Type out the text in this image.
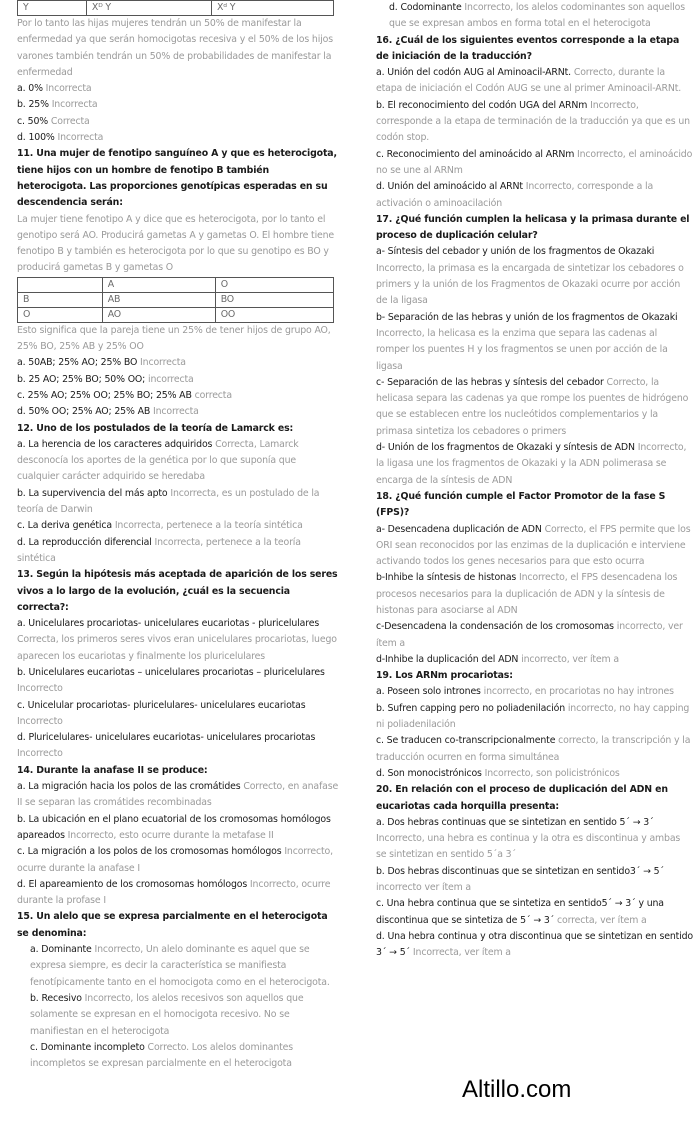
Y	Xᴰ Y	Xᵈ Y

Por lo tanto las hijas mujeres tendrán un 50% de manifestar la enfermedad ya que serán homocigotas recesiva y el 50% de los hijos varones también tendrán un 50% de probabilidades de manifestar la enfermedad

a. 0% Incorrecta

b. 25% Incorrecta

c. 50% Correcta

d. 100% Incorrecta

11. Una mujer de fenotipo sanguíneo A y que es heterocigota, tiene hijos con un hombre de fenotipo B también heterocigota. Las proporciones genotípicas esperadas en su descendencia serán:

La mujer tiene fenotipo A y dice que es heterocigota, por lo tanto el genotipo será AO. Producirá gametas A y gametas O. El hombre tiene fenotipo B y también es heterocigota por lo que su genotipo es BO y producirá gametas B y gametas O

	A	O
B	AB	BO
O	AO	OO

Esto significa que la pareja tiene un 25% de tener hijos de grupo AO, 25% BO, 25% AB y 25% OO

a. 50AB; 25% AO; 25% BO Incorrecta

b. 25 AO; 25% BO; 50% OO; incorrecta

c. 25% AO; 25% OO; 25% BO; 25% AB correcta

d. 50% OO; 25% AO; 25% AB Incorrecta

12. Uno de los postulados de la teoría de Lamarck es:

a. La herencia de los caracteres adquiridos Correcta, Lamarck desconocía los aportes de la genética por lo que suponía que cualquier carácter adquirido se heredaba

b. La supervivencia del más apto Incorrecta, es un postulado de la teoría de Darwin

c. La deriva genética Incorrecta, pertenece a la teoría sintética

d. La reproducción diferencial Incorrecta, pertenece a la teoría sintética

13. Según la hipótesis más aceptada de aparición de los seres vivos a lo largo de la evolución, ¿cuál es la secuencia correcta?:

a. Unicelulares procariotas- unicelulares eucariotas - pluricelulares Correcta, los primeros seres vivos eran unicelulares procariotas, luego aparecen los eucariotas y finalmente los pluricelulares

b. Unicelulares eucariotas – unicelulares procariotas – pluricelulares Incorrecto

c. Unicelular procariotas- pluricelulares- unicelulares eucariotas Incorrecto

d. Pluricelulares- unicelulares eucariotas- unicelulares procariotas Incorrecto

14. Durante la anafase II se produce:

a. La migración hacia los polos de las cromátides Correcto, en anafase II se separan las cromátides recombinadas

b. La ubicación en el plano ecuatorial de los cromosomas homólogos apareados Incorrecto, esto ocurre durante la metafase II

c. La migración a los polos de los cromosomas homólogos Incorrecto, ocurre durante la anafase I

d. El apareamiento de los cromosomas homólogos Incorrecto, ocurre durante la profase I

15. Un alelo que se expresa parcialmente en el heterocigota se denomina:

a. Dominante Incorrecto, Un alelo dominante es aquel que se expresa siempre, es decir la característica se manifiesta fenotípicamente tanto en el homocigota como en el heterocigota.

b. Recesivo Incorrecto, los alelos recesivos son aquellos que solamente se expresan en el homocigota recesivo. No se manifiestan en el heterocigota

c. Dominante incompleto Correcto. Los alelos dominantes incompletos se expresan parcialmente en el heterocigota

d. Codominante Incorrecto, los alelos codominantes son aquellos que se expresan ambos en forma total en el heterocigota

16. ¿Cuál de los siguientes eventos corresponde a la etapa de iniciación de la traducción?

a. Unión del codón AUG al Aminoacil-ARNt. Correcto, durante la etapa de iniciación el Codón AUG se une al primer Aminoacil-ARNt.

b. El reconocimiento del codón UGA del ARNm Incorrecto, corresponde a la etapa de terminación de la traducción ya que es un codón stop.

c. Reconocimiento del aminoácido al ARNm Incorrecto, el aminoácido no se une al ARNm

d. Unión del aminoácido al ARNt Incorrecto, corresponde a la activación o aminoacilación

17. ¿Qué función cumplen la helicasa y la primasa durante el proceso de duplicación celular?

a- Síntesis del cebador y unión de los fragmentos de Okazaki Incorrecto, la primasa es la encargada de sintetizar los cebadores o primers y la unión de los Fragmentos de Okazaki ocurre por acción de la ligasa

b- Separación de las hebras y unión de los fragmentos de Okazaki Incorrecto, la helicasa es la enzima que separa las cadenas al romper los puentes H y los fragmentos se unen por acción de la ligasa

c- Separación de las hebras y síntesis del cebador Correcto, la helicasa separa las cadenas ya que rompe los puentes de hidrógeno que se establecen entre los nucleótidos complementarios y la primasa sintetiza los cebadores o primers

d- Unión de los fragmentos de Okazaki y síntesis de ADN Incorrecto, la ligasa une los fragmentos de Okazaki y la ADN polimerasa se encarga de la síntesis de ADN

18. ¿Qué función cumple el Factor Promotor de la fase S (FPS)?

a- Desencadena duplicación de ADN Correcto, el FPS permite que los ORI sean reconocidos por las enzimas de la duplicación e interviene activando todos los genes necesarios para que esto ocurra

b-Inhibe la síntesis de histonas Incorrecto, el FPS desencadena los procesos necesarios para la duplicación de ADN y la síntesis de histonas para asociarse al ADN

c-Desencadena la condensación de los cromosomas incorrecto, ver ítem a

d-Inhibe la duplicación del ADN incorrecto, ver ítem a

19. Los ARNm procariotas:

a. Poseen solo intrones incorrecto, en procariotas no hay intrones

b. Sufren capping pero no poliadenilación incorrecto, no hay capping ni poliadenilación

c. Se traducen co-transcripcionalmente correcto, la transcripción y la traducción ocurren en forma simultánea

d. Son monocistrónicos Incorrecto, son policistrónicos

20. En relación con el proceso de duplicación del ADN en eucariotas cada horquilla presenta:

a. Dos hebras continuas que se sintetizan en sentido 5´ → 3´ Incorrecto, una hebra es continua y la otra es discontinua y ambas se sintetizan en sentido 5´a 3´

b. Dos hebras discontinuas que se sintetizan en sentido3´ → 5´ incorrecto ver ítem a

c. Una hebra continua que se sintetiza en sentido5´ → 3´ y una discontinua que se sintetiza de 5´ → 3´ correcta, ver ítem a

d. Una hebra continua y otra discontinua que se sintetizan en sentido 3´ → 5´ Incorrecta, ver ítem a

Altillo.com
